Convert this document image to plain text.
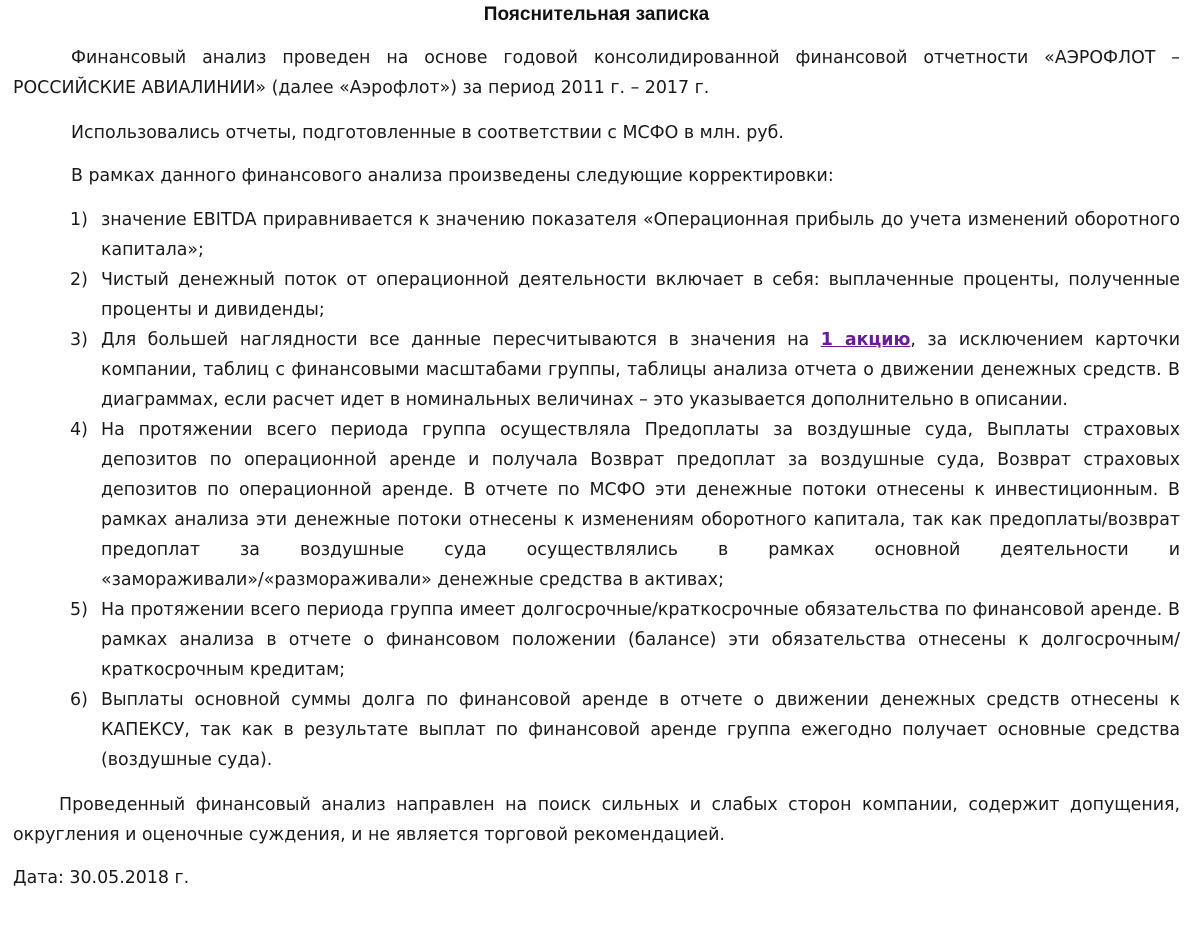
Пояснительная записка

Финансовый анализ проведен на основе годовой консолидированной финансовой отчетности «АЭРОФЛОТ – РОССИЙСКИЕ АВИАЛИНИИ» (далее «Аэрофлот») за период 2011 г. – 2017 г.

Использовались отчеты, подготовленные в соответствии с МСФО в млн. руб.

В рамках данного финансового анализа произведены следующие корректировки:

1) значение EBITDA приравнивается к значению показателя «Операционная прибыль до учета изменений оборотного капитала»;
2) Чистый денежный поток от операционной деятельности включает в себя: выплаченные проценты, полученные проценты и дивиденды;
3) Для большей наглядности все данные пересчитываются в значения на 1 акцию, за исключением карточки компании, таблиц с финансовыми масштабами группы, таблицы анализа отчета о движении денежных средств. В диаграммах, если расчет идет в номинальных величинах – это указывается дополнительно в описании.
4) На протяжении всего периода группа осуществляла Предоплаты за воздушные суда, Выплаты страховых депозитов по операционной аренде и получала Возврат предоплат за воздушные суда, Возврат страховых депозитов по операционной аренде. В отчете по МСФО эти денежные потоки отнесены к инвестиционным. В рамках анализа эти денежные потоки отнесены к изменениям оборотного капитала, так как предоплаты/возврат предоплат за воздушные суда осуществлялись в рамках основной деятельности и «замораживали»/«размораживали» денежные средства в активах;
5) На протяжении всего периода группа имеет долгосрочные/краткосрочные обязательства по финансовой аренде. В рамках анализа в отчете о финансовом положении (балансе) эти обязательства отнесены к долгосрочным/краткосрочным кредитам;
6) Выплаты основной суммы долга по финансовой аренде в отчете о движении денежных средств отнесены к КАПЕКСУ, так как в результате выплат по финансовой аренде группа ежегодно получает основные средства (воздушные суда).

Проведенный финансовый анализ направлен на поиск сильных и слабых сторон компании, содержит допущения, округления и оценочные суждения, и не является торговой рекомендацией.

Дата: 30.05.2018 г.
